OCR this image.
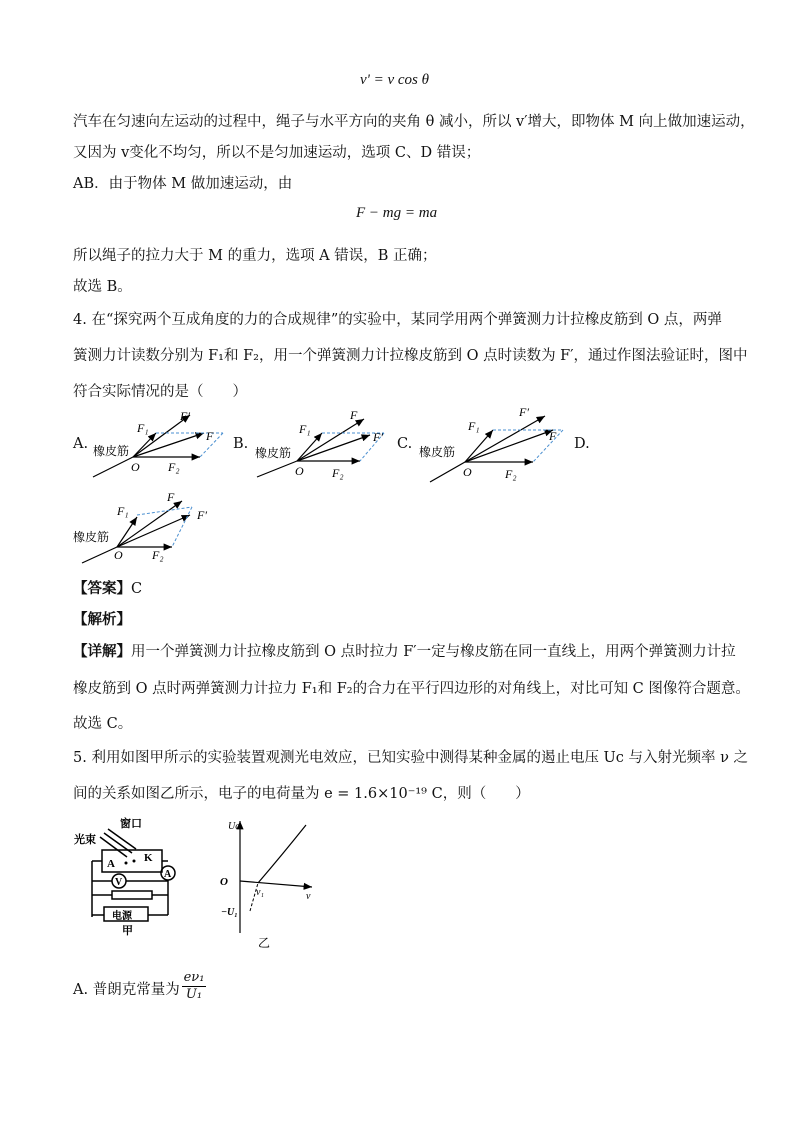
v' = v cos θ
汽车在匀速向左运动的过程中，绳子与水平方向的夹角 θ 减小，所以 v′增大，即物体 M 向上做加速运动，
又因为 v变化不均匀，所以不是匀加速运动，选项 C、D 错误；
AB．由于物体 M 做加速运动，由
F − mg = ma
所以绳子的拉力大于 M 的重力，选项 A 错误，B 正确；
故选 B。
4. 在“探究两个互成角度的力的合成规律”的实验中，某同学用两个弹簧测力计拉橡皮筋到 O 点，两弹
簧测力计读数分别为 F₁和 F₂，用一个弹簧测力计拉橡皮筋到 O 点时读数为 F′，通过作图法验证时，图中
符合实际情况的是（　　）
A.	B.	C.	D.
F₁
F′
F
F₂
O
橡皮筋
F₁
F
F′
F₂
O
橡皮筋
F₁
F′
F
F₂
O
橡皮筋
F₁
F
F′
F₂
O
橡皮筋
【答案】C
【解析】
【详解】用一个弹簧测力计拉橡皮筋到 O 点时拉力 F′一定与橡皮筋在同一直线上，用两个弹簧测力计拉
橡皮筋到 O 点时两弹簧测力计拉力 F₁和 F₂的合力在平行四边形的对角线上，对比可知 C 图像符合题意。
故选 C。
5. 利用如图甲所示的实验装置观测光电效应，已知实验中测得某种金属的遏止电压 Uc 与入射光频率 ν 之
间的关系如图乙所示，电子的电荷量为 e = 1.6×10⁻¹⁹ C，则（　　）
光束
窗口
A	K
A
V
电源
甲
Uc
O
ν₁	ν
−U₁
乙
A. 普朗克常量为 $\frac{\text{eν₁}}{\text{U₁}}$
